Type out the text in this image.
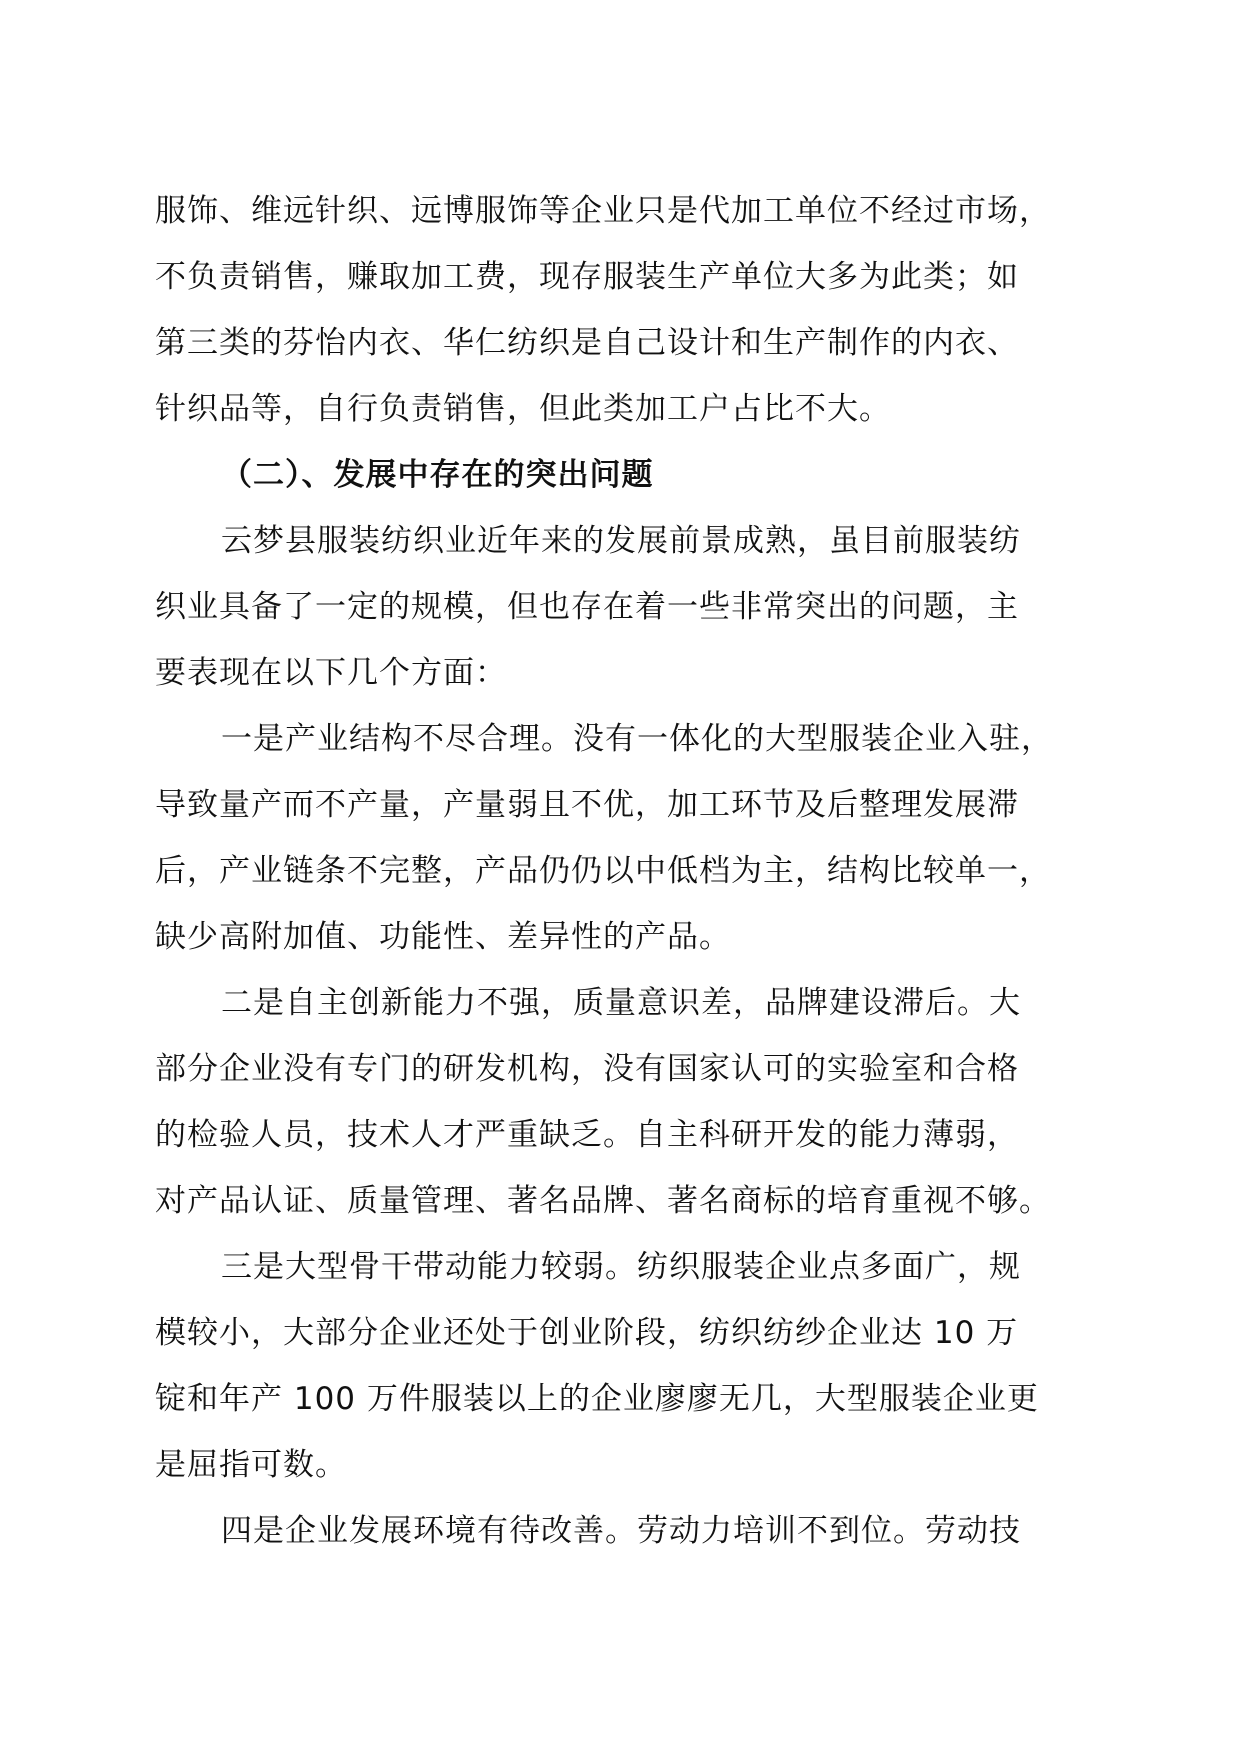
服饰、维远针织、远博服饰等企业只是代加工单位不经过市场，
不负责销售，赚取加工费，现存服装生产单位大多为此类；如
第三类的芬怡内衣、华仁纺织是自己设计和生产制作的内衣、
针织品等，自行负责销售，但此类加工户占比不大。
（二）、发展中存在的突出问题
云梦县服装纺织业近年来的发展前景成熟，虽目前服装纺
织业具备了一定的规模，但也存在着一些非常突出的问题，主
要表现在以下几个方面：
一是产业结构不尽合理。没有一体化的大型服装企业入驻，
导致量产而不产量，产量弱且不优，加工环节及后整理发展滞
后，产业链条不完整，产品仍仍以中低档为主，结构比较单一，
缺少高附加值、功能性、差异性的产品。
二是自主创新能力不强，质量意识差，品牌建设滞后。大
部分企业没有专门的研发机构，没有国家认可的实验室和合格
的检验人员，技术人才严重缺乏。自主科研开发的能力薄弱，
对产品认证、质量管理、著名品牌、著名商标的培育重视不够。
三是大型骨干带动能力较弱。纺织服装企业点多面广，规
模较小，大部分企业还处于创业阶段，纺织纺纱企业达 10 万
锭和年产 100 万件服装以上的企业廖廖无几，大型服装企业更
是屈指可数。
四是企业发展环境有待改善。劳动力培训不到位。劳动技
